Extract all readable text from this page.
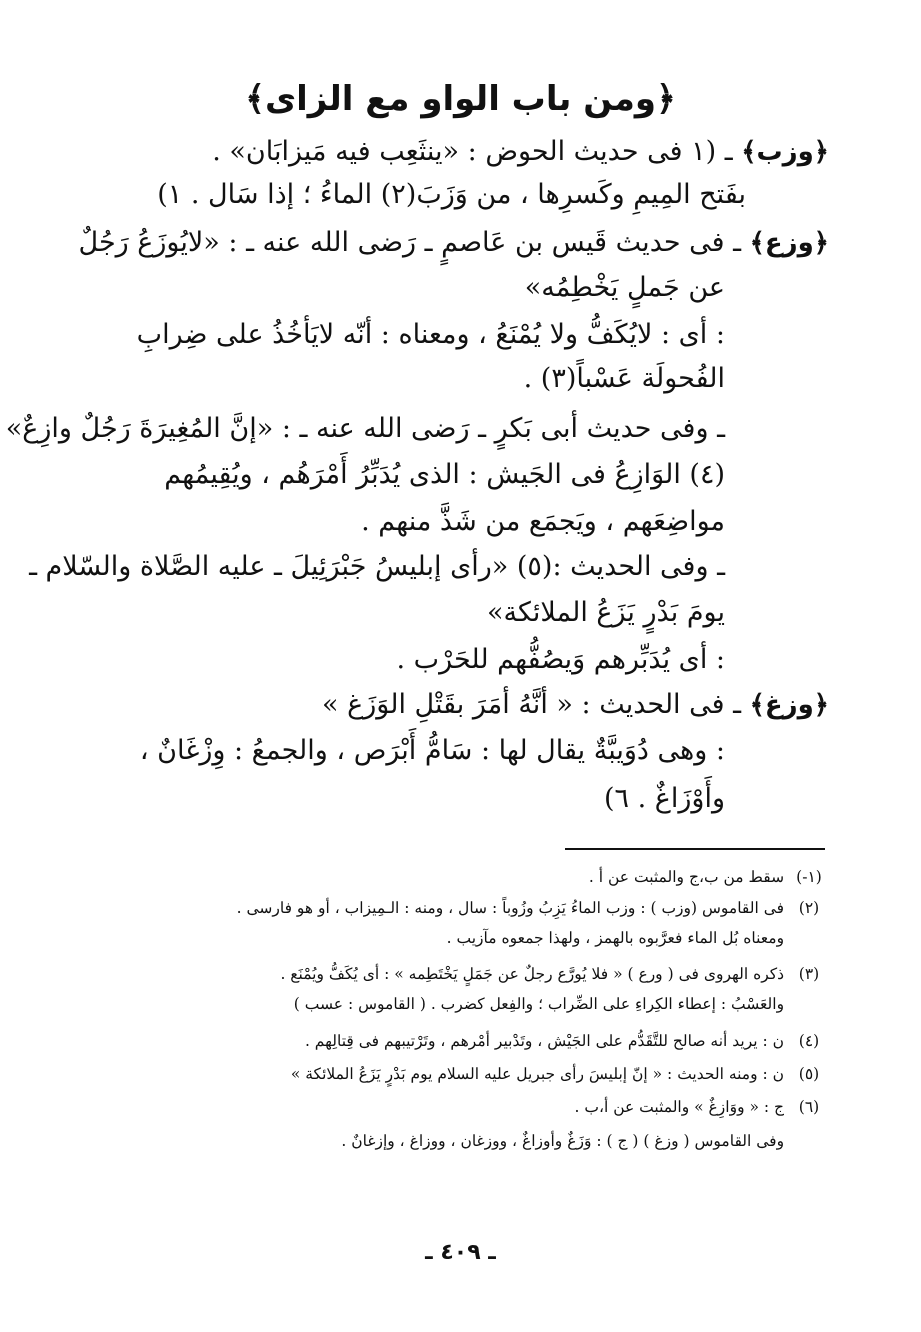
﴿ومن باب الواو مع الزاى﴾
﴿وزب﴾ ـ (١ فى حديث الحوض : «ينثَعِب فيه مَيزابَان» .
بفَتح المِيمِ وكَسرِها ، من وَزَبَ(٢) الماءُ ؛ إذا سَال . ١)
﴿وزع﴾ ـ فى حديث قَيس بن عَاصمٍ ـ رَضى الله عنه ـ : «لايُوزَعُ رَجُلٌ
عن جَملٍ يَخْطِمُه»
: أى : لايُكَفُّ ولا يُمْنَعُ ، ومعناه : أنّه لايَأخُذُ على ضِرابِ
الفُحولَة عَسْباً(٣) .
ـ وفى حديث أبى بَكرٍ ـ رَضى الله عنه ـ : «إنَّ المُغِيرَةَ رَجُلٌ وازِعٌ»
(٤) الوَازِعُ فى الجَيش : الذى يُدَبِّرُ أَمْرَهُم ، ويُقِيمُهم
مواضِعَهم ، ويَجمَع من شَذَّ منهم .
ـ وفى الحديث :(٥) «رأى إبليسُ جَبْرَئِيلَ ـ عليه الصَّلاة والسّلام ـ
يومَ بَدْرٍ يَزَعُ الملائكة»
: أى يُدَبِّرهم وَيصُفُّهم للحَرْب .
﴿وزغ﴾ ـ فى الحديث : « أنَّهُ أمَرَ بقَتْلِ الوَزَغ »
: وهى دُوَيبَّةٌ يقال لها : سَامُّ أَبْرَص ، والجمعُ : وِزْغَانٌ ،
وأَوْزَاغٌ . ٦)
(١-) سقط من ب،ج والمثبت عن أ .
(٢) فى القاموس (وزب ) : وزب الماءُ يَزِبُ وزُوباً : سال ، ومنه : الـمِيزاب ، أو هو فارسى .
ومعناه بُل الماء فعرَّبوه بالهمز ، ولهذا جمعوه مآزيب .
(٣) ذكره الهروى فى ( ورع ) « فلا يُورَّع رجلٌ عن جَمَلٍ يَخْتَطِمه » : أى يُكَفُّ ويُمْنَع .
والعَسْبُ : إعطاء الكِراءِ على الضِّراب ؛ والفِعل كضرب . ( القاموس : عسب )
(٤) ن : يريد أنه صالح للتَّقَدُّم على الجَيْش ، وتَدْبير أمْرهم ، وتَرْتيبهم فى قِتالِهم .
(٥) ن : ومنه الحديث : « إنّ إبليسَ رأى جبريل عليه السلام يوم بَدْرٍ يَزَعُ الملائكة »
(٦) ج : « ووَازِغٌ » والمثبت عن أ،ب .
وفى القاموس ( وزغ ) ( ج ) : وَزَغٌ وأوزاغٌ ، ووزغان ، ووزاغ ، وإزغانٌ .
ـ ٤٠٩ ـ
